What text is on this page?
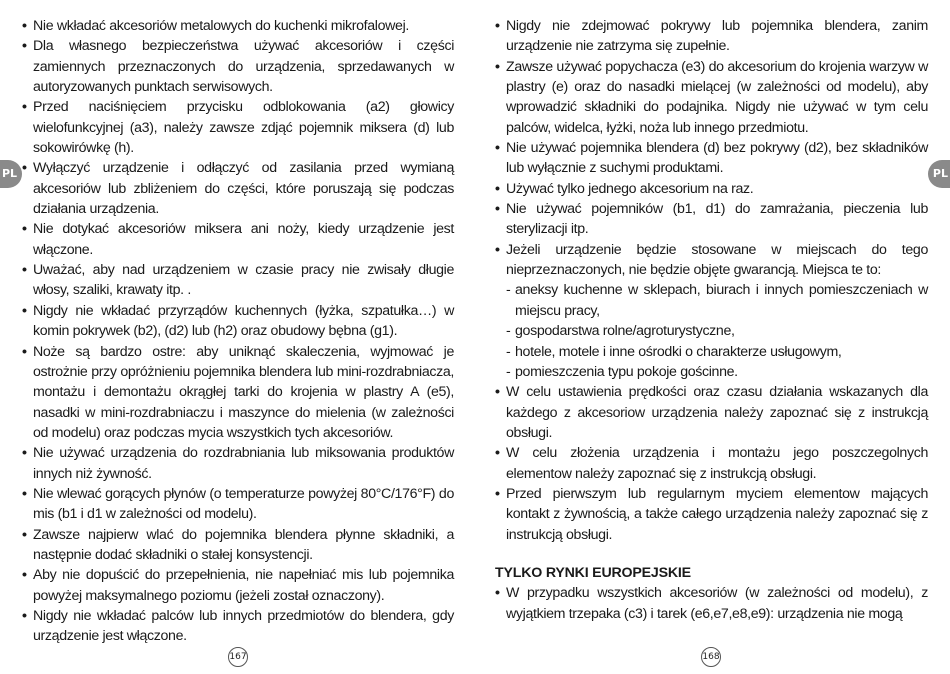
PL	PL

• Nie wkładać akcesoriów metalowych do kuchenki mikrofalowej.

• Dla własnego bezpieczeństwa używać akcesoriów i części zamiennych przeznaczonych do urządzenia, sprzedawanych w autoryzowanych punktach serwisowych.

• Przed naciśnięciem przycisku odblokowania (a2) głowicy wielofunkcyjnej (a3), należy zawsze zdjąć pojemnik miksera (d) lub sokowirówkę (h).

• Wyłączyć urządzenie i odłączyć od zasilania przed wymianą akcesoriów lub zbliżeniem do części, które poruszają się podczas działania urządzenia.

• Nie dotykać akcesoriów miksera ani noży, kiedy urządzenie jest włączone.

• Uważać, aby nad urządzeniem w czasie pracy nie zwisały długie włosy, szaliki, krawaty itp. .

• Nigdy nie wkładać przyrządów kuchennych (łyżka, szpatułka…) w komin pokrywek (b2), (d2) lub (h2) oraz obudowy bębna (g1).

• Noże są bardzo ostre: aby uniknąć skaleczenia, wyjmować je ostrożnie przy opróżnieniu pojemnika blendera lub mini-rozdrabniacza, montażu i demontażu okrągłej tarki do krojenia w plastry A (e5), nasadki w mini-rozdrabniaczu i maszynce do mielenia (w zależności od modelu) oraz podczas mycia wszystkich tych akcesoriów.

• Nie używać urządzenia do rozdrabniania lub miksowania produktów innych niż żywność.

• Nie wlewać gorących płynów (o temperaturze powyżej 80°C/176°F) do mis (b1 i d1 w zależności od modelu).

• Zawsze najpierw wlać do pojemnika blendera płynne składniki, a następnie dodać składniki o stałej konsystencji.

• Aby nie dopuścić do przepełnienia, nie napełniać mis lub pojemnika powyżej maksymalnego poziomu (jeżeli został oznaczony).

• Nigdy nie wkładać palców lub innych przedmiotów do blendera, gdy urządzenie jest włączone.

• Nigdy nie zdejmować pokrywy lub pojemnika blendera, zanim urządzenie nie zatrzyma się zupełnie.

• Zawsze używać popychacza (e3) do akcesorium do krojenia warzyw w plastry (e) oraz do nasadki mielącej (w zależności od modelu), aby wprowadzić składniki do podajnika. Nigdy nie używać w tym celu palców, widelca, łyżki, noża lub innego przedmiotu.

• Nie używać pojemnika blendera (d) bez pokrywy (d2), bez składników lub wyłącznie z suchymi produktami.

• Używać tylko jednego akcesorium na raz.

• Nie używać pojemników (b1, d1) do zamrażania, pieczenia lub sterylizacji itp.

• Jeżeli urządzenie będzie stosowane w miejscach do tego nieprzeznaczonych, nie będzie objęte gwarancją. Miejsca te to:

- aneksy kuchenne w sklepach, biurach i innych pomieszczeniach w miejscu pracy,

- gospodarstwa rolne/agroturystyczne,

- hotele, motele i inne ośrodki o charakterze usługowym,

- pomieszczenia typu pokoje gościnne.

• W celu ustawienia prędkości oraz czasu działania wskazanych dla każdego z akcesoriow urządzenia należy zapoznać się z instrukcją obsługi.

• W celu złożenia urządzenia i montażu jego poszczegolnych elementow należy zapoznać się z instrukcją obsługi.

• Przed pierwszym lub regularnym myciem elementow mających kontakt z żywnością, a także całego urządzenia należy zapoznać się z instrukcją obsługi.

TYLKO RYNKI EUROPEJSKIE

• W przypadku wszystkich akcesoriów (w zależności od modelu), z wyjątkiem trzepaka (c3) i tarek (e6,e7,e8,e9): urządzenia nie mogą

167	168
